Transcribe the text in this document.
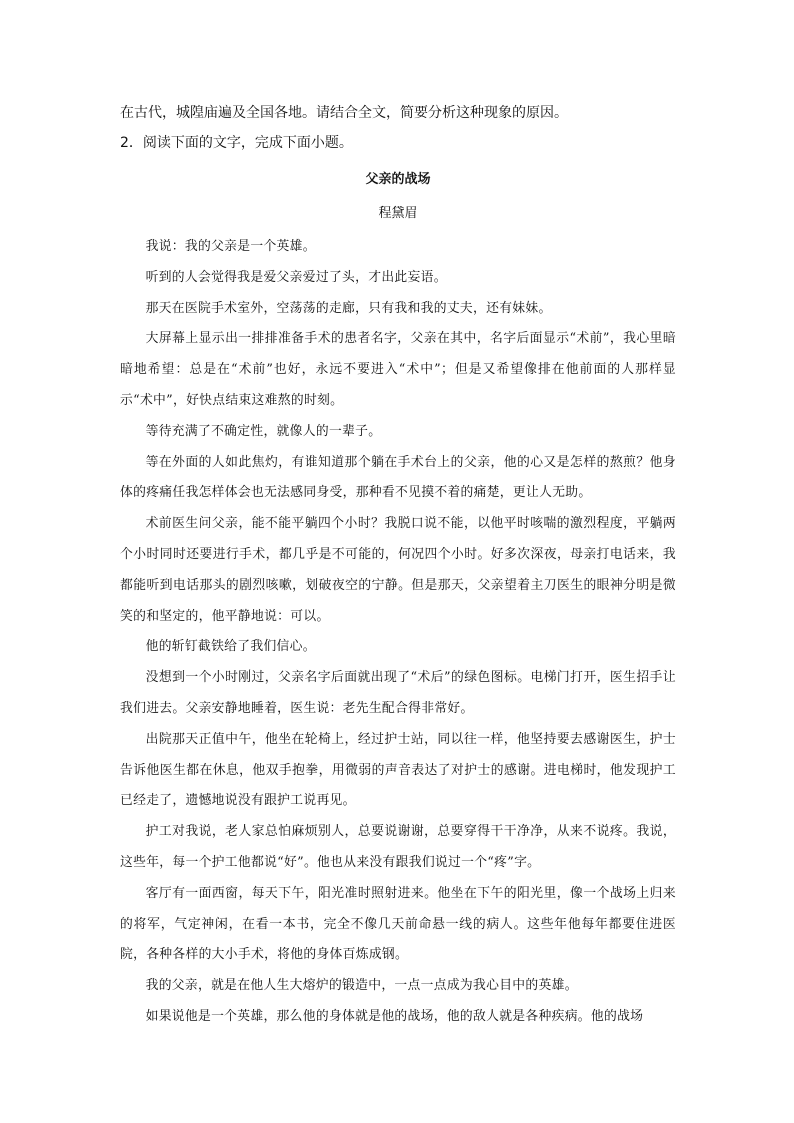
在古代，城隍庙遍及全国各地。请结合全文，简要分析这种现象的原因。

2．阅读下面的文字，完成下面小题。

父亲的战场

程黛眉

我说：我的父亲是一个英雄。

听到的人会觉得我是爱父亲爱过了头，才出此妄语。

那天在医院手术室外，空荡荡的走廊，只有我和我的丈夫，还有妹妹。

大屏幕上显示出一排排准备手术的患者名字，父亲在其中，名字后面显示“术前”，我心里暗暗地希望：总是在“术前”也好，永远不要进入“术中”；但是又希望像排在他前面的人那样显示“术中”，好快点结束这难熬的时刻。

等待充满了不确定性，就像人的一辈子。

等在外面的人如此焦灼，有谁知道那个躺在手术台上的父亲，他的心又是怎样的熬煎？他身体的疼痛任我怎样体会也无法感同身受，那种看不见摸不着的痛楚，更让人无助。

术前医生问父亲，能不能平躺四个小时？我脱口说不能，以他平时咳喘的激烈程度，平躺两个小时同时还要进行手术，都几乎是不可能的，何况四个小时。好多次深夜，母亲打电话来，我都能听到电话那头的剧烈咳嗽，划破夜空的宁静。但是那天，父亲望着主刀医生的眼神分明是微笑的和坚定的，他平静地说：可以。

他的斩钉截铁给了我们信心。

没想到一个小时刚过，父亲名字后面就出现了“术后”的绿色图标。电梯门打开，医生招手让我们进去。父亲安静地睡着，医生说：老先生配合得非常好。

出院那天正值中午，他坐在轮椅上，经过护士站，同以往一样，他坚持要去感谢医生，护士告诉他医生都在休息，他双手抱拳，用微弱的声音表达了对护士的感谢。进电梯时，他发现护工已经走了，遗憾地说没有跟护工说再见。

护工对我说，老人家总怕麻烦别人，总要说谢谢，总要穿得干干净净，从来不说疼。我说，这些年，每一个护工他都说“好”。他也从来没有跟我们说过一个“疼”字。

客厅有一面西窗，每天下午，阳光准时照射进来。他坐在下午的阳光里，像一个战场上归来的将军，气定神闲，在看一本书，完全不像几天前命悬一线的病人。这些年他每年都要住进医院，各种各样的大小手术，将他的身体百炼成钢。

我的父亲，就是在他人生大熔炉的锻造中，一点一点成为我心目中的英雄。

如果说他是一个英雄，那么他的身体就是他的战场，他的敌人就是各种疾病。他的战场
